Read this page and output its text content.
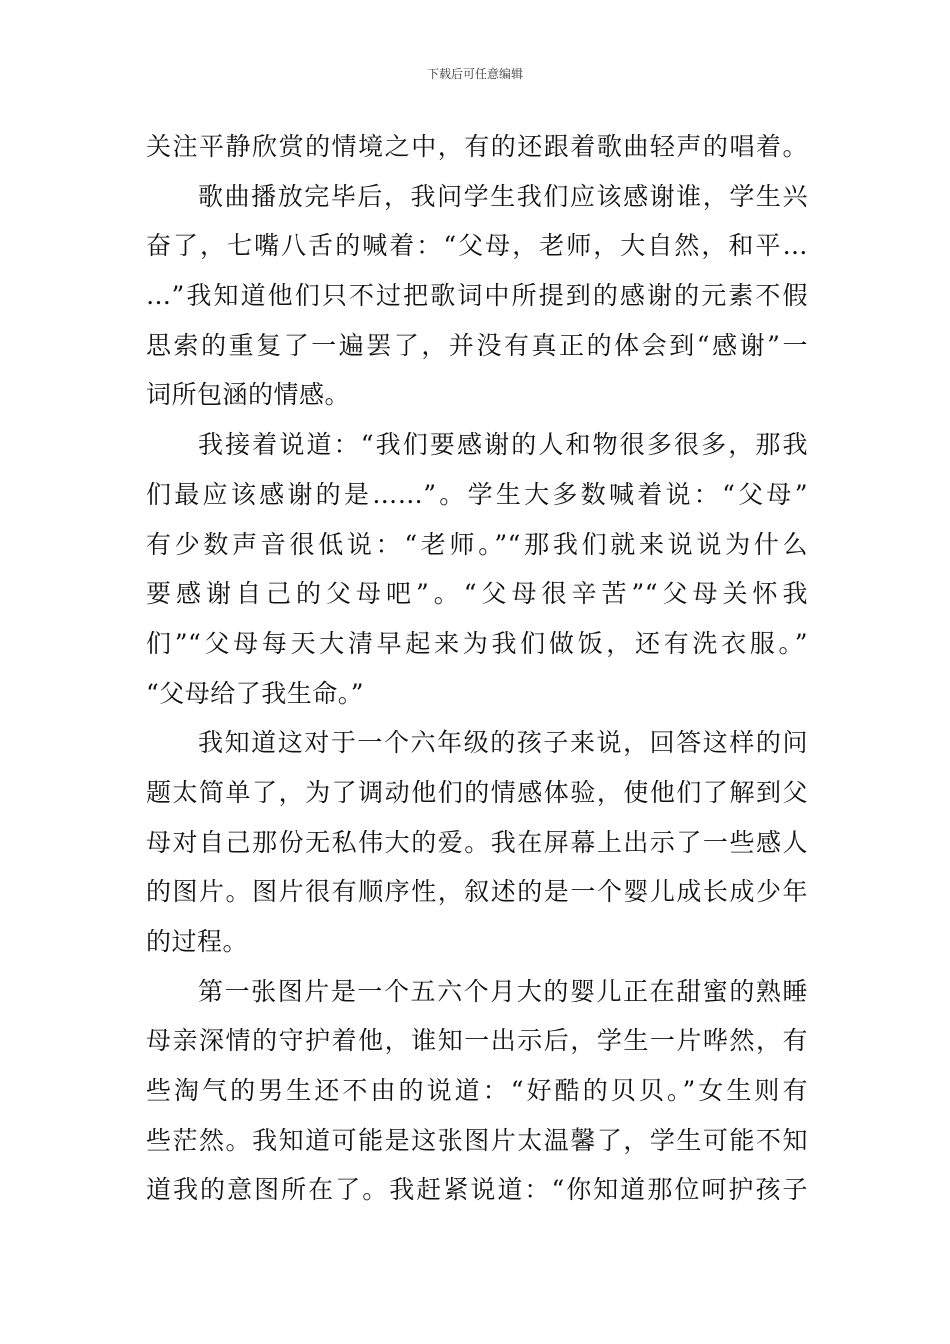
下载后可任意编辑
关注平静欣赏的情境之中，有的还跟着歌曲轻声的唱着。
歌曲播放完毕后，我问学生我们应该感谢谁，学生兴
奋了，七嘴八舌的喊着：“父母，老师，大自然，和平…
…”我知道他们只不过把歌词中所提到的感谢的元素不假
思索的重复了一遍罢了，并没有真正的体会到“感谢”一
词所包涵的情感。
我接着说道：“我们要感谢的人和物很多很多，那我
们最应该感谢的是……”。学生大多数喊着说：“父母”
有少数声音很低说：“老师。”“那我们就来说说为什么
要感谢自己的父母吧”。“父母很辛苦”“父母关怀我
们”“父母每天大清早起来为我们做饭，还有洗衣服。”
“父母给了我生命。”
我知道这对于一个六年级的孩子来说，回答这样的问
题太简单了，为了调动他们的情感体验，使他们了解到父
母对自己那份无私伟大的爱。我在屏幕上出示了一些感人
的图片。图片很有顺序性，叙述的是一个婴儿成长成少年
的过程。
第一张图片是一个五六个月大的婴儿正在甜蜜的熟睡
母亲深情的守护着他，谁知一出示后，学生一片哗然，有
些淘气的男生还不由的说道：“好酷的贝贝。”女生则有
些茫然。我知道可能是这张图片太温馨了，学生可能不知
道我的意图所在了。我赶紧说道：“你知道那位呵护孩子
